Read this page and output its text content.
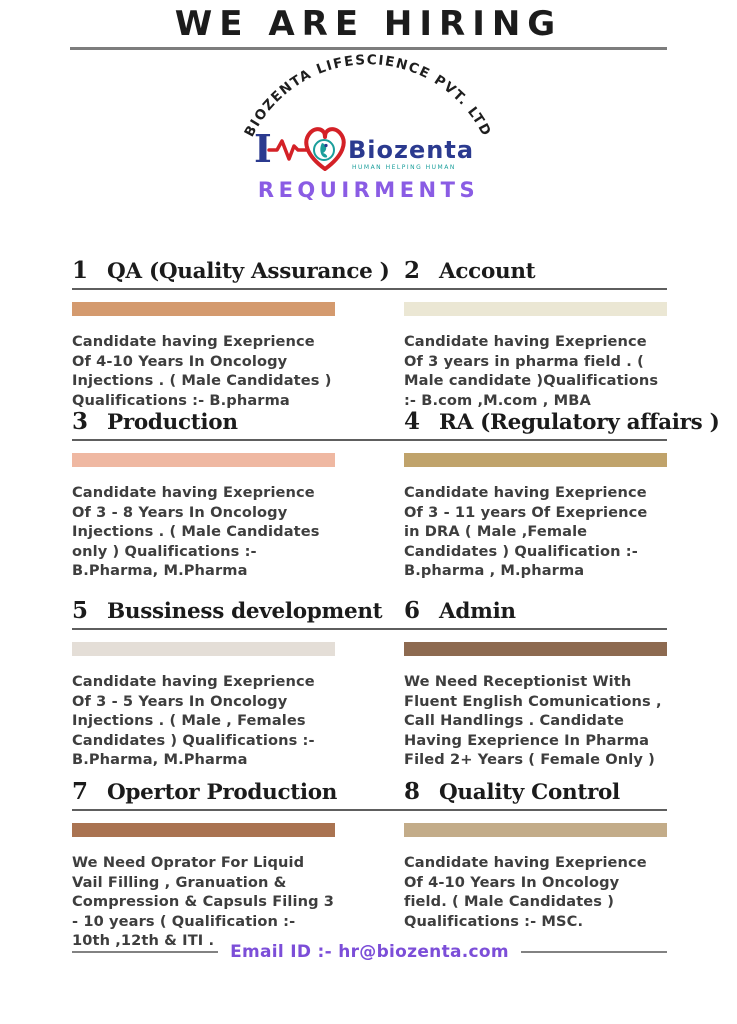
WE ARE HIRING
BIOZENTA LIFESCIENCE PVT. LTD
I	Biozenta
HUMAN HELPING HUMAN
REQUIRMENTS
1 QA (Quality Assurance )
Candidate having Exeprience Of 4-10 Years In Oncology Injections . ( Male Candidates ) Qualifications :- B.pharma
2 Account
Candidate having Exeprience Of 3 years in pharma field . ( Male candidate )Qualifications :- B.com ,M.com , MBA
3 Production
Candidate having Exeprience Of 3 - 8 Years In Oncology Injections . ( Male Candidates only ) Qualifications :- B.Pharma, M.Pharma
4 RA (Regulatory affairs )
Candidate having Exeprience Of 3 - 11 years Of Exeprience in DRA ( Male ,Female Candidates ) Qualification :- B.pharma , M.pharma
5 Bussiness development
Candidate having Exeprience Of 3 - 5 Years In Oncology Injections . ( Male , Females Candidates ) Qualifications :- B.Pharma, M.Pharma
6 Admin
We Need Receptionist With Fluent English Comunications , Call Handlings . Candidate Having Exeprience In Pharma Filed 2+ Years ( Female Only )
7 Opertor Production
We Need Oprator For Liquid Vail Filling , Granuation & Compression & Capsuls Filing 3 - 10 years ( Qualification :- 10th ,12th & ITI .
8 Quality Control
Candidate having Exeprience Of 4-10 Years In Oncology field. ( Male Candidates ) Qualifications :- MSC.
Email ID :- hr@biozenta.com
